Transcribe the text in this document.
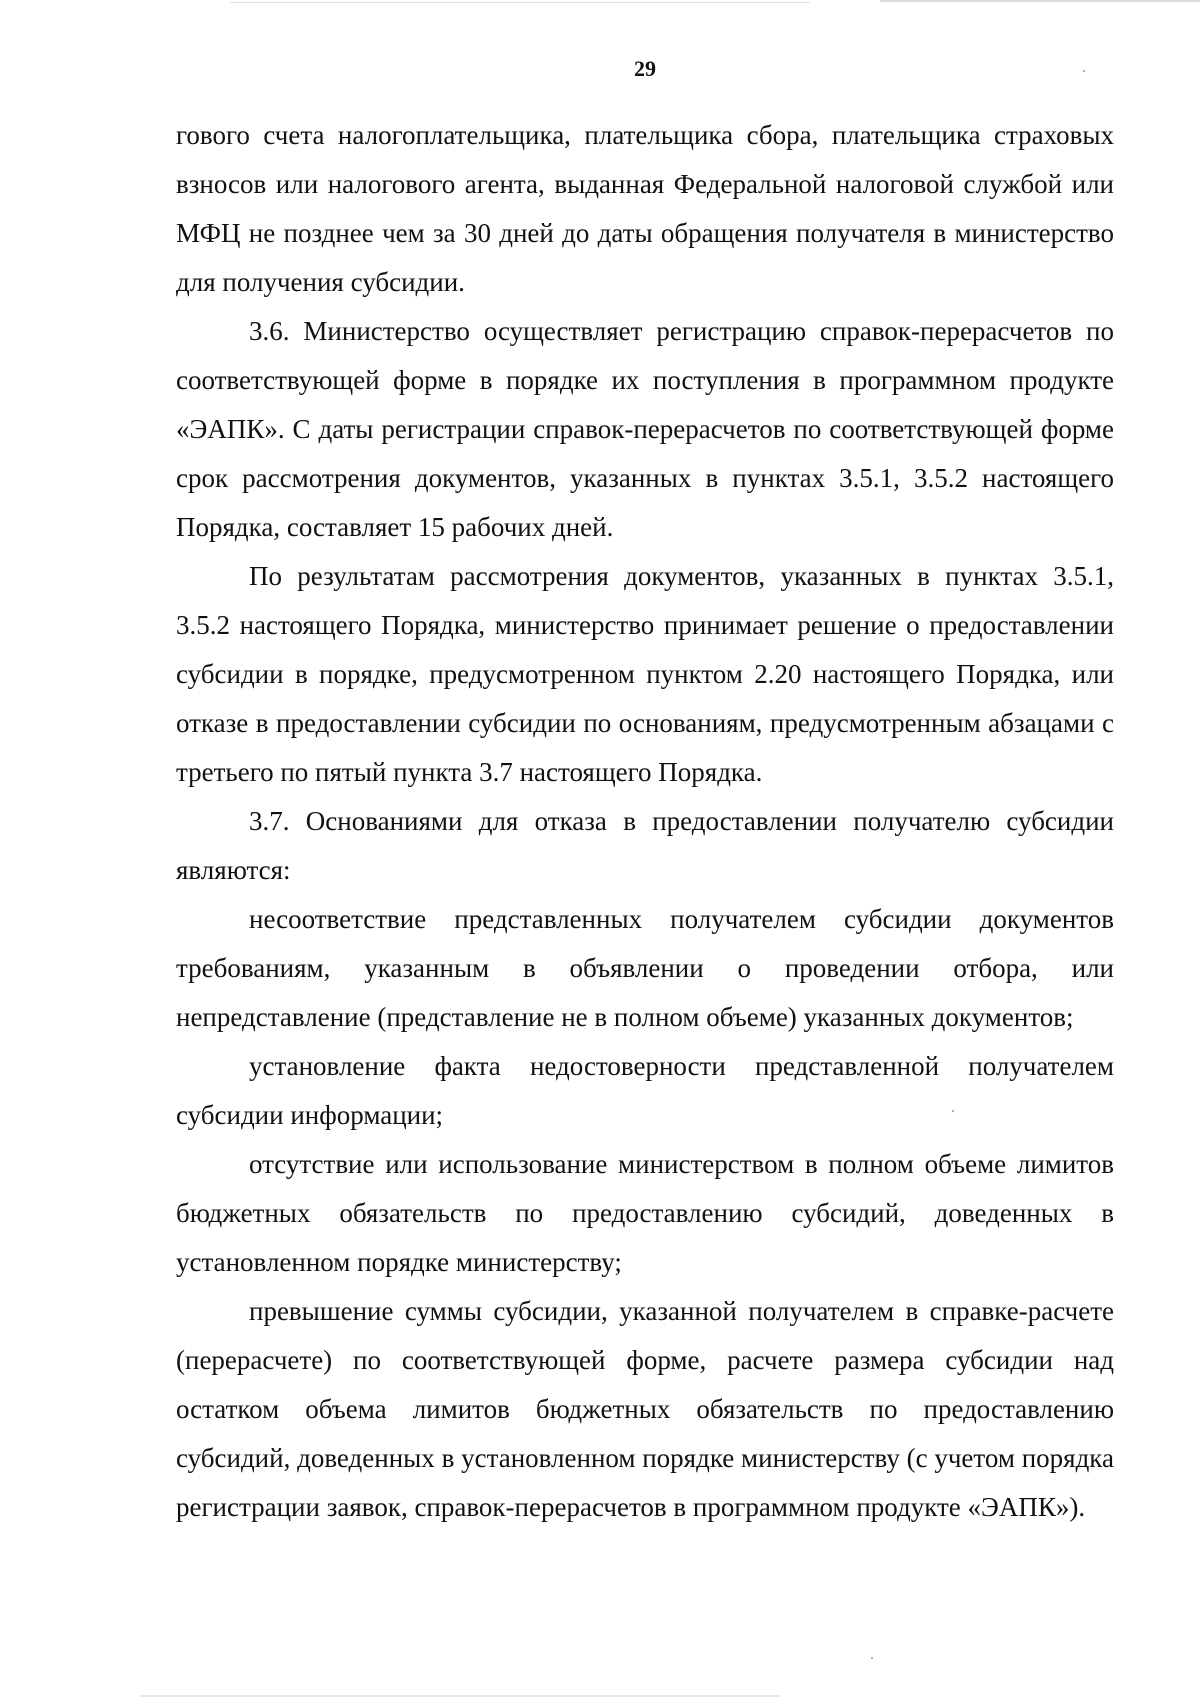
29

гового счета налогоплательщика, плательщика сбора, плательщика страховых взносов или налогового агента, выданная Федеральной налоговой службой или МФЦ не позднее чем за 30 дней до даты обращения получателя в министерство для получения субсидии.

3.6. Министерство осуществляет регистрацию справок-перерасчетов по соответствующей форме в порядке их поступления в программном продукте «ЭАПК». С даты регистрации справок-перерасчетов по соответствующей форме срок рассмотрения документов, указанных в пунктах 3.5.1, 3.5.2 настоящего Порядка, составляет 15 рабочих дней.

По результатам рассмотрения документов, указанных в пунктах 3.5.1, 3.5.2 настоящего Порядка, министерство принимает решение о предоставлении субсидии в порядке, предусмотренном пунктом 2.20 настоящего Порядка, или отказе в предоставлении субсидии по основаниям, предусмотренным абзацами с третьего по пятый пункта 3.7 настоящего Порядка.

3.7. Основаниями для отказа в предоставлении получателю субсидии являются:

несоответствие представленных получателем субсидии документов требованиям, указанным в объявлении о проведении отбора, или непредставление (представление не в полном объеме) указанных документов;

установление факта недостоверности представленной получателем субсидии информации;

отсутствие или использование министерством в полном объеме лимитов бюджетных обязательств по предоставлению субсидий, доведенных в установленном порядке министерству;

превышение суммы субсидии, указанной получателем в справке-расчете (перерасчете) по соответствующей форме, расчете размера субсидии над остатком объема лимитов бюджетных обязательств по предоставлению субсидий, доведенных в установленном порядке министерству (с учетом порядка регистрации заявок, справок-перерасчетов в программном продукте «ЭАПК»).
